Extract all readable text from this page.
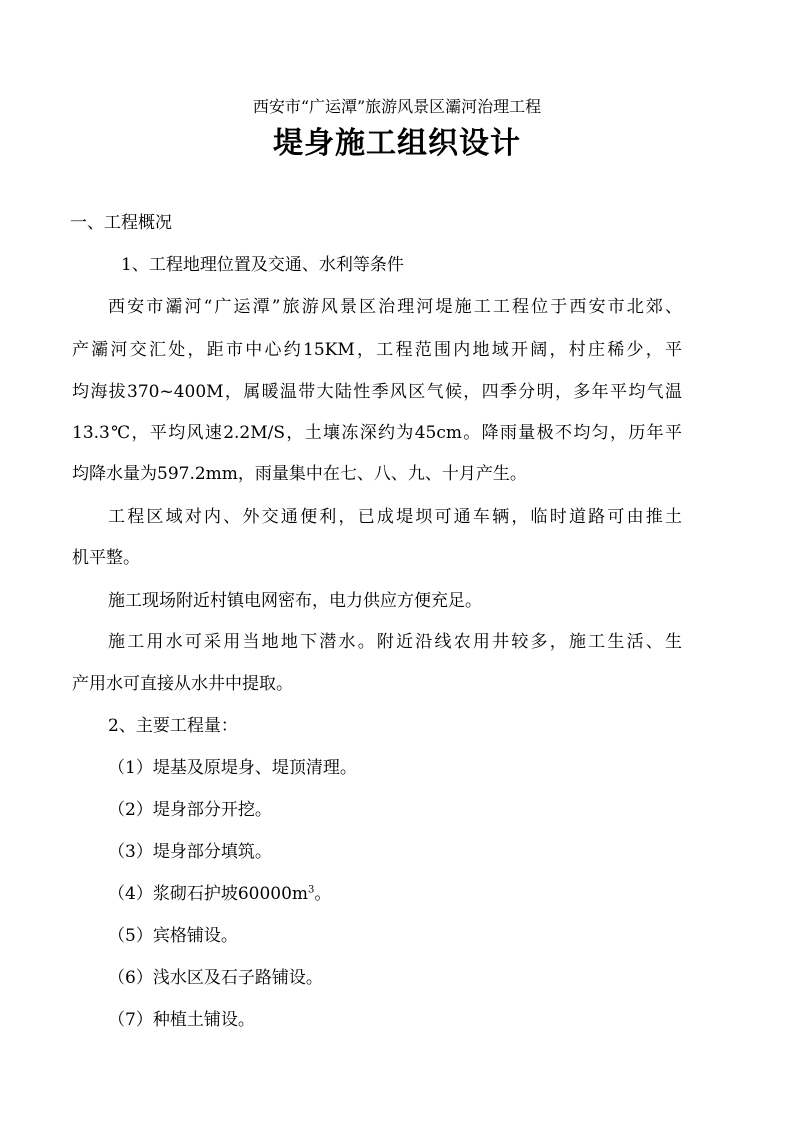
西安市“广运潭”旅游风景区灞河治理工程
堤身施工组织设计
一、工程概况
1、工程地理位置及交通、水利等条件
西安市灞河“广运潭”旅游风景区治理河堤施工工程位于西安市北郊、
产灞河交汇处，距市中心约15KM，工程范围内地域开阔，村庄稀少，平
均海拔370~400M，属暖温带大陆性季风区气候，四季分明，多年平均气温
13.3℃，平均风速2.2M/S，土壤冻深约为45cm。降雨量极不均匀，历年平
均降水量为597.2mm，雨量集中在七、八、九、十月产生。
工程区域对内、外交通便利，已成堤坝可通车辆，临时道路可由推土
机平整。
施工现场附近村镇电网密布，电力供应方便充足。
施工用水可采用当地地下潜水。附近沿线农用井较多，施工生活、生
产用水可直接从水井中提取。
2、主要工程量：
（1）堤基及原堤身、堤顶清理。
（2）堤身部分开挖。
（3）堤身部分填筑。
（4）浆砌石护坡$60000m^3$。
（5）宾格铺设。
（6）浅水区及石子路铺设。
（7）种植土铺设。
